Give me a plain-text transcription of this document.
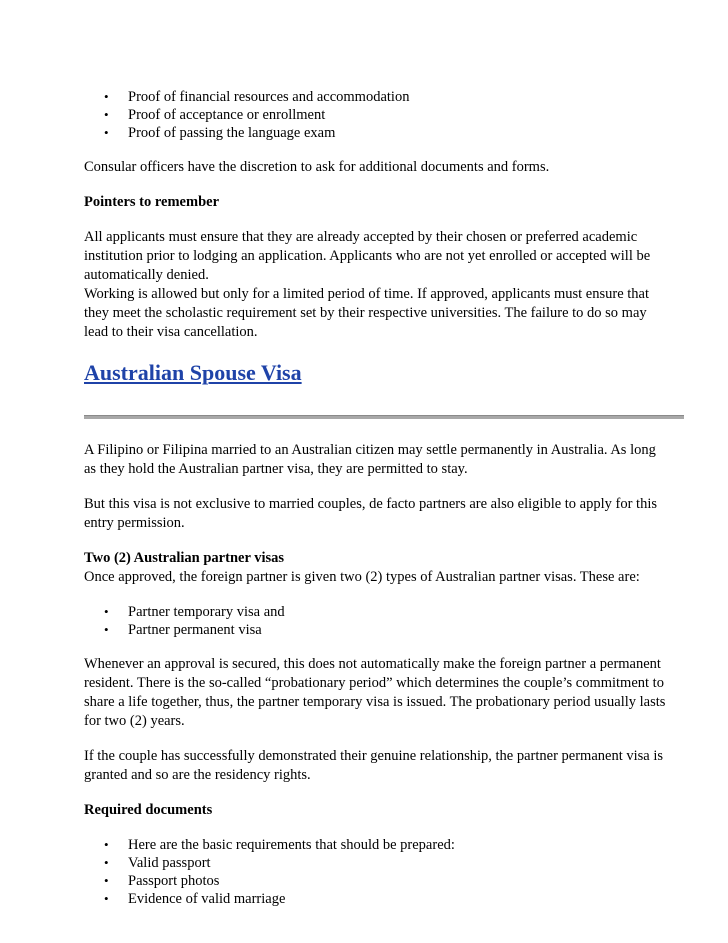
• Proof of financial resources and accommodation
• Proof of acceptance or enrollment
• Proof of passing the language exam

Consular officers have the discretion to ask for additional documents and forms.

Pointers to remember

All applicants must ensure that they are already accepted by their chosen or preferred academic institution prior to lodging an application. Applicants who are not yet enrolled or accepted will be automatically denied.

Working is allowed but only for a limited period of time. If approved, applicants must ensure that they meet the scholastic requirement set by their respective universities. The failure to do so may lead to their visa cancellation.

Australian Spouse Visa

A Filipino or Filipina married to an Australian citizen may settle permanently in Australia. As long as they hold the Australian partner visa, they are permitted to stay.

But this visa is not exclusive to married couples, de facto partners are also eligible to apply for this entry permission.

Two (2) Australian partner visas

Once approved, the foreign partner is given two (2) types of Australian partner visas. These are:

• Partner temporary visa and
• Partner permanent visa

Whenever an approval is secured, this does not automatically make the foreign partner a permanent resident. There is the so-called “probationary period” which determines the couple’s commitment to share a life together, thus, the partner temporary visa is issued. The probationary period usually lasts for two (2) years.

If the couple has successfully demonstrated their genuine relationship, the partner permanent visa is granted and so are the residency rights.

Required documents

• Here are the basic requirements that should be prepared:
• Valid passport
• Passport photos
• Evidence of valid marriage
